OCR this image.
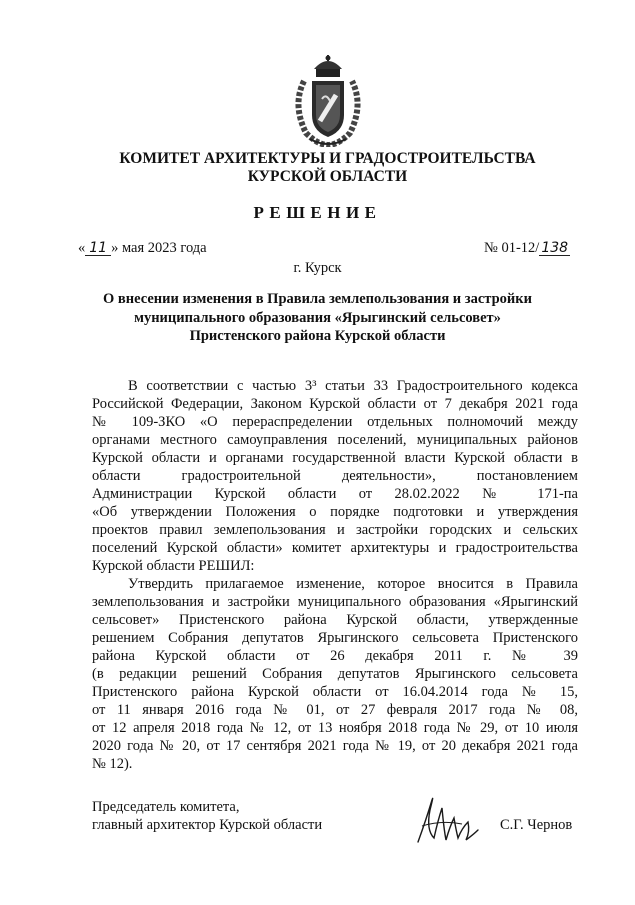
КОМИТЕТ АРХИТЕКТУРЫ И ГРАДОСТРОИТЕЛЬСТВА
КУРСКОЙ ОБЛАСТИ
РЕШЕНИЕ
« 11 » мая 2023 года	№ 01-12/ 138
г. Курск
О внесении изменения в Правила землепользования и застройки
муниципального образования «Ярыгинский сельсовет»
Пристенского района Курской области
В соответствии с частью 3³ статьи 33 Градостроительного кодекса
Российской Федерации, Законом Курской области от 7 декабря 2021 года
№ 109-ЗКО «О перераспределении отдельных полномочий между
органами местного самоуправления поселений, муниципальных районов
Курской области и органами государственной власти Курской области в
области градостроительной деятельности», постановлением
Администрации Курской области от 28.02.2022 № 171-па
«Об утверждении Положения о порядке подготовки и утверждения
проектов правил землепользования и застройки городских и сельских
поселений Курской области» комитет архитектуры и градостроительства
Курской области РЕШИЛ:
Утвердить прилагаемое изменение, которое вносится в Правила
землепользования и застройки муниципального образования «Ярыгинский
сельсовет» Пристенского района Курской области, утвержденные
решением Собрания депутатов Ярыгинского сельсовета Пристенского
района Курской области от 26 декабря 2011 г. № 39
(в редакции решений Собрания депутатов Ярыгинского сельсовета
Пристенского района Курской области от 16.04.2014 года № 15,
от 11 января 2016 года № 01, от 27 февраля 2017 года № 08,
от 12 апреля 2018 года № 12, от 13 ноября 2018 года № 29, от 10 июля
2020 года № 20, от 17 сентября 2021 года № 19, от 20 декабря 2021 года
№ 12).
Председатель комитета,
главный архитектор Курской области	С.Г. Чернов
